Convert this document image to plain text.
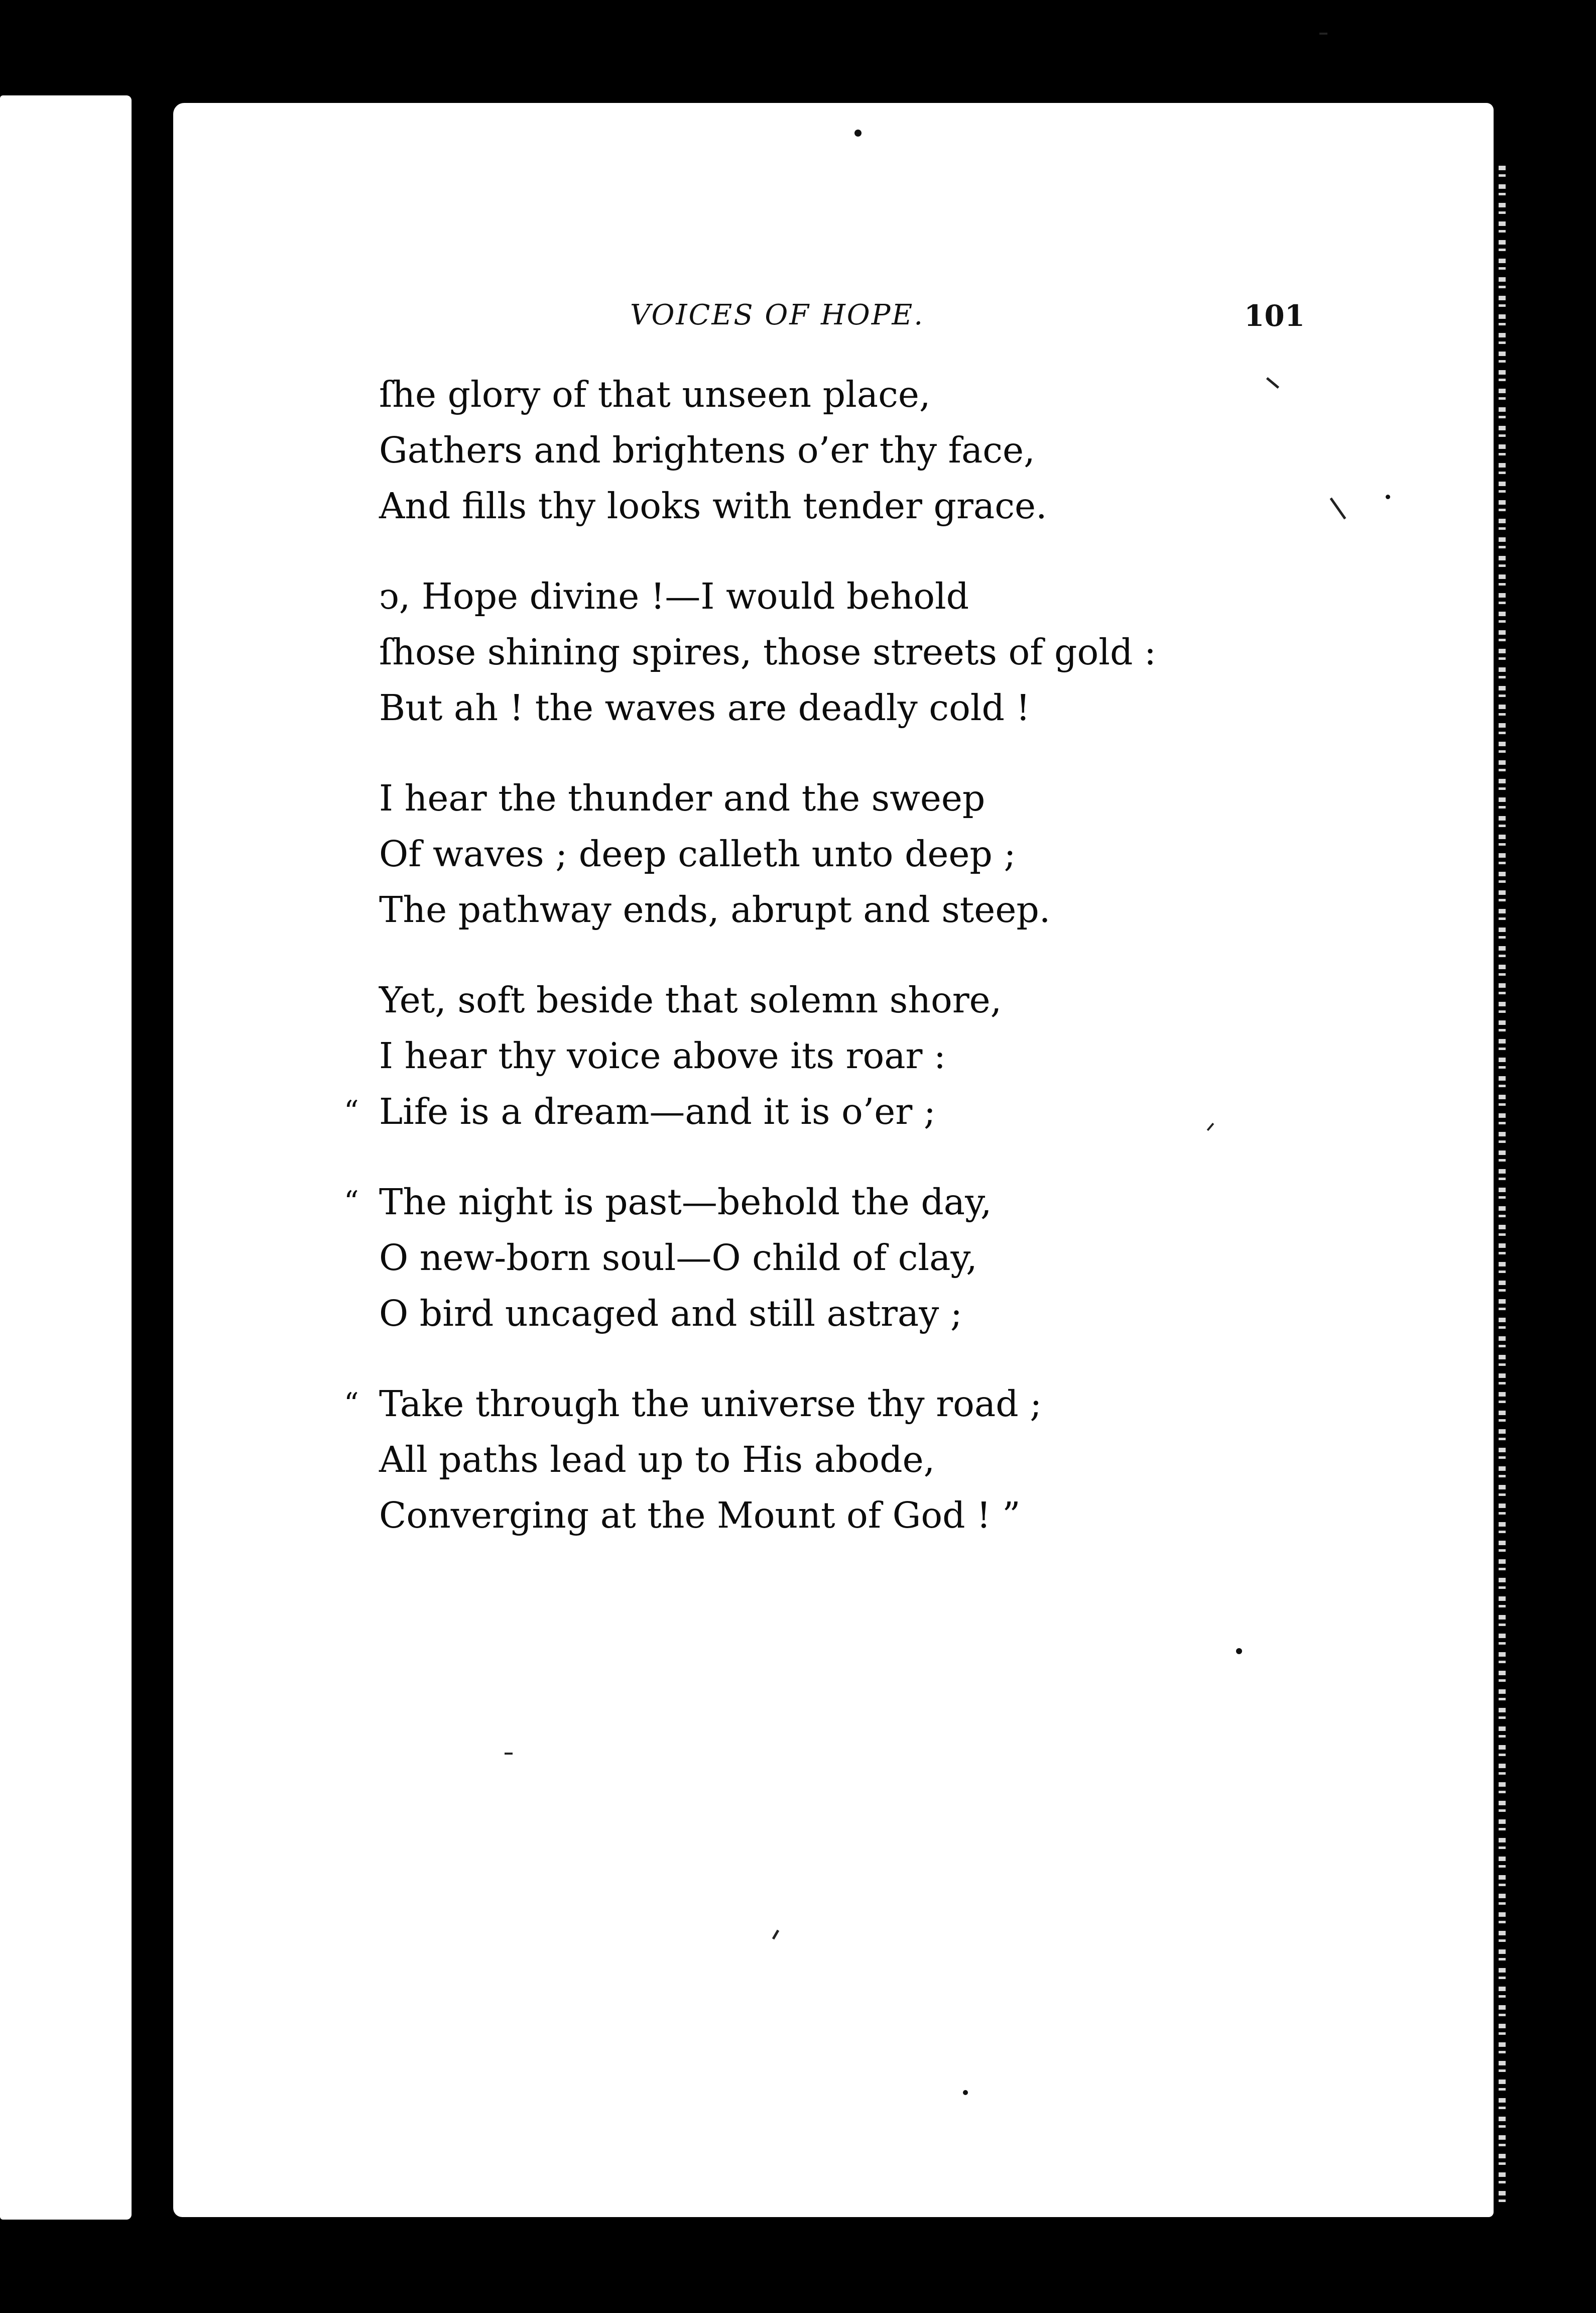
VOICES OF HOPE.	101
ſhe glory of that unseen place,
Gathers and brightens o’er thy face,
And fills thy looks with tender grace.
ↄ, Hope divine !—I would behold
ſhose shining spires, those streets of gold :
But ah ! the waves are deadly cold !
I hear the thunder and the sweep
Of waves ; deep calleth unto deep ;
The pathway ends, abrupt and steep.
Yet, soft beside that solemn shore,
I hear thy voice above its roar :
“ Life is a dream—and it is o’er ;
“ The night is past—behold the day,
O new-born soul—O child of clay,
O bird uncaged and still astray ;
“ Take through the universe thy road ;
All paths lead up to His abode,
Converging at the Mount of God ! ”
